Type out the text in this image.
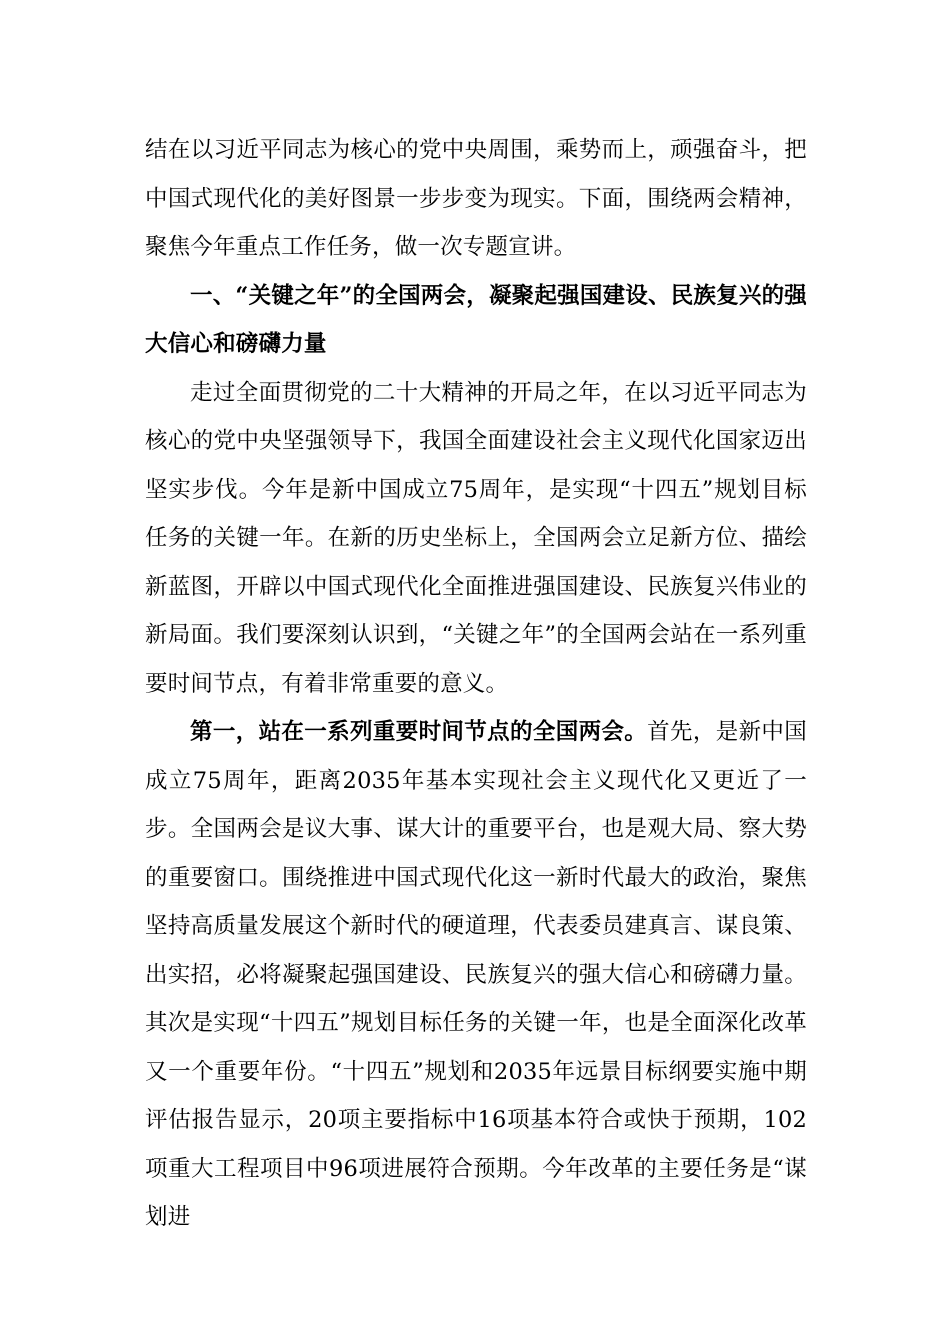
结在以习近平同志为核心的党中央周围，乘势而上，顽强奋斗，把中国式现代化的美好图景一步步变为现实。下面，围绕两会精神，聚焦今年重点工作任务，做一次专题宣讲。

一、“关键之年”的全国两会，凝聚起强国建设、民族复兴的强大信心和磅礴力量

走过全面贯彻党的二十大精神的开局之年，在以习近平同志为核心的党中央坚强领导下，我国全面建设社会主义现代化国家迈出坚实步伐。今年是新中国成立75周年，是实现“十四五”规划目标任务的关键一年。在新的历史坐标上，全国两会立足新方位、描绘新蓝图，开辟以中国式现代化全面推进强国建设、民族复兴伟业的新局面。我们要深刻认识到，“关键之年”的全国两会站在一系列重要时间节点，有着非常重要的意义。

第一，站在一系列重要时间节点的全国两会。首先，是新中国成立75周年，距离2035年基本实现社会主义现代化又更近了一步。全国两会是议大事、谋大计的重要平台，也是观大局、察大势的重要窗口。围绕推进中国式现代化这一新时代最大的政治，聚焦坚持高质量发展这个新时代的硬道理，代表委员建真言、谋良策、出实招，必将凝聚起强国建设、民族复兴的强大信心和磅礴力量。其次是实现“十四五”规划目标任务的关键一年，也是全面深化改革又一个重要年份。“十四五”规划和2035年远景目标纲要实施中期评估报告显示，20项主要指标中16项基本符合或快于预期，102 项重大工程项目中96项进展符合预期。今年改革的主要任务是“谋划进
